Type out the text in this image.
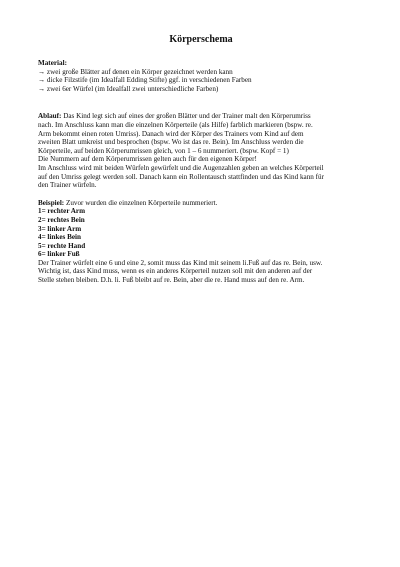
Körperschema
Material:
→ zwei große Blätter auf denen ein Körper gezeichnet werden kann
→ dicke Filzstife (im Idealfall Edding Stifte) ggf. in verschiedenen Farben
→ zwei 6er Würfel (im Idealfall zwei unterschiedliche Farben)
Ablauf: Das Kind legt sich auf eines der großen Blätter und der Trainer malt den Körperumriss
nach. Im Anschluss kann man die einzelnen Körperteile (als Hilfe) farblich markieren (bspw. re.
Arm bekommt einen roten Umriss). Danach wird der Körper des Trainers vom Kind auf dem
zweiten Blatt umkreist und besprochen (bspw. Wo ist das re. Bein). Im Anschluss werden die
Körperteile, auf beiden Körperumrissen gleich, von 1 – 6 nummeriert. (bspw. Kopf = 1)
Die Nummern auf dem Körperumrissen gelten auch für den eigenen Körper!
Im Anschluss wird mit beiden Würfeln gewürfelt und die Augenzahlen geben an welches Körperteil
auf den Umriss gelegt werden soll. Danach kann ein Rollentausch stattfinden und das Kind kann für
den Trainer würfeln.
Beispiel: Zuvor wurden die einzelnen Körperteile nummeriert.
1= rechter Arm
2= rechtes Bein
3= linker Arm
4= linkes Bein
5= rechte Hand
6= linker Fuß
Der Trainer würfelt eine 6 und eine 2, somit muss das Kind mit seinem li.Fuß auf das re. Bein, usw.
Wichtig ist, dass Kind muss, wenn es ein anderes Körperteil nutzen soll mit den anderen auf der
Stelle stehen bleiben. D.h. li. Fuß bleibt auf re. Bein, aber die re. Hand muss auf den re. Arm.
